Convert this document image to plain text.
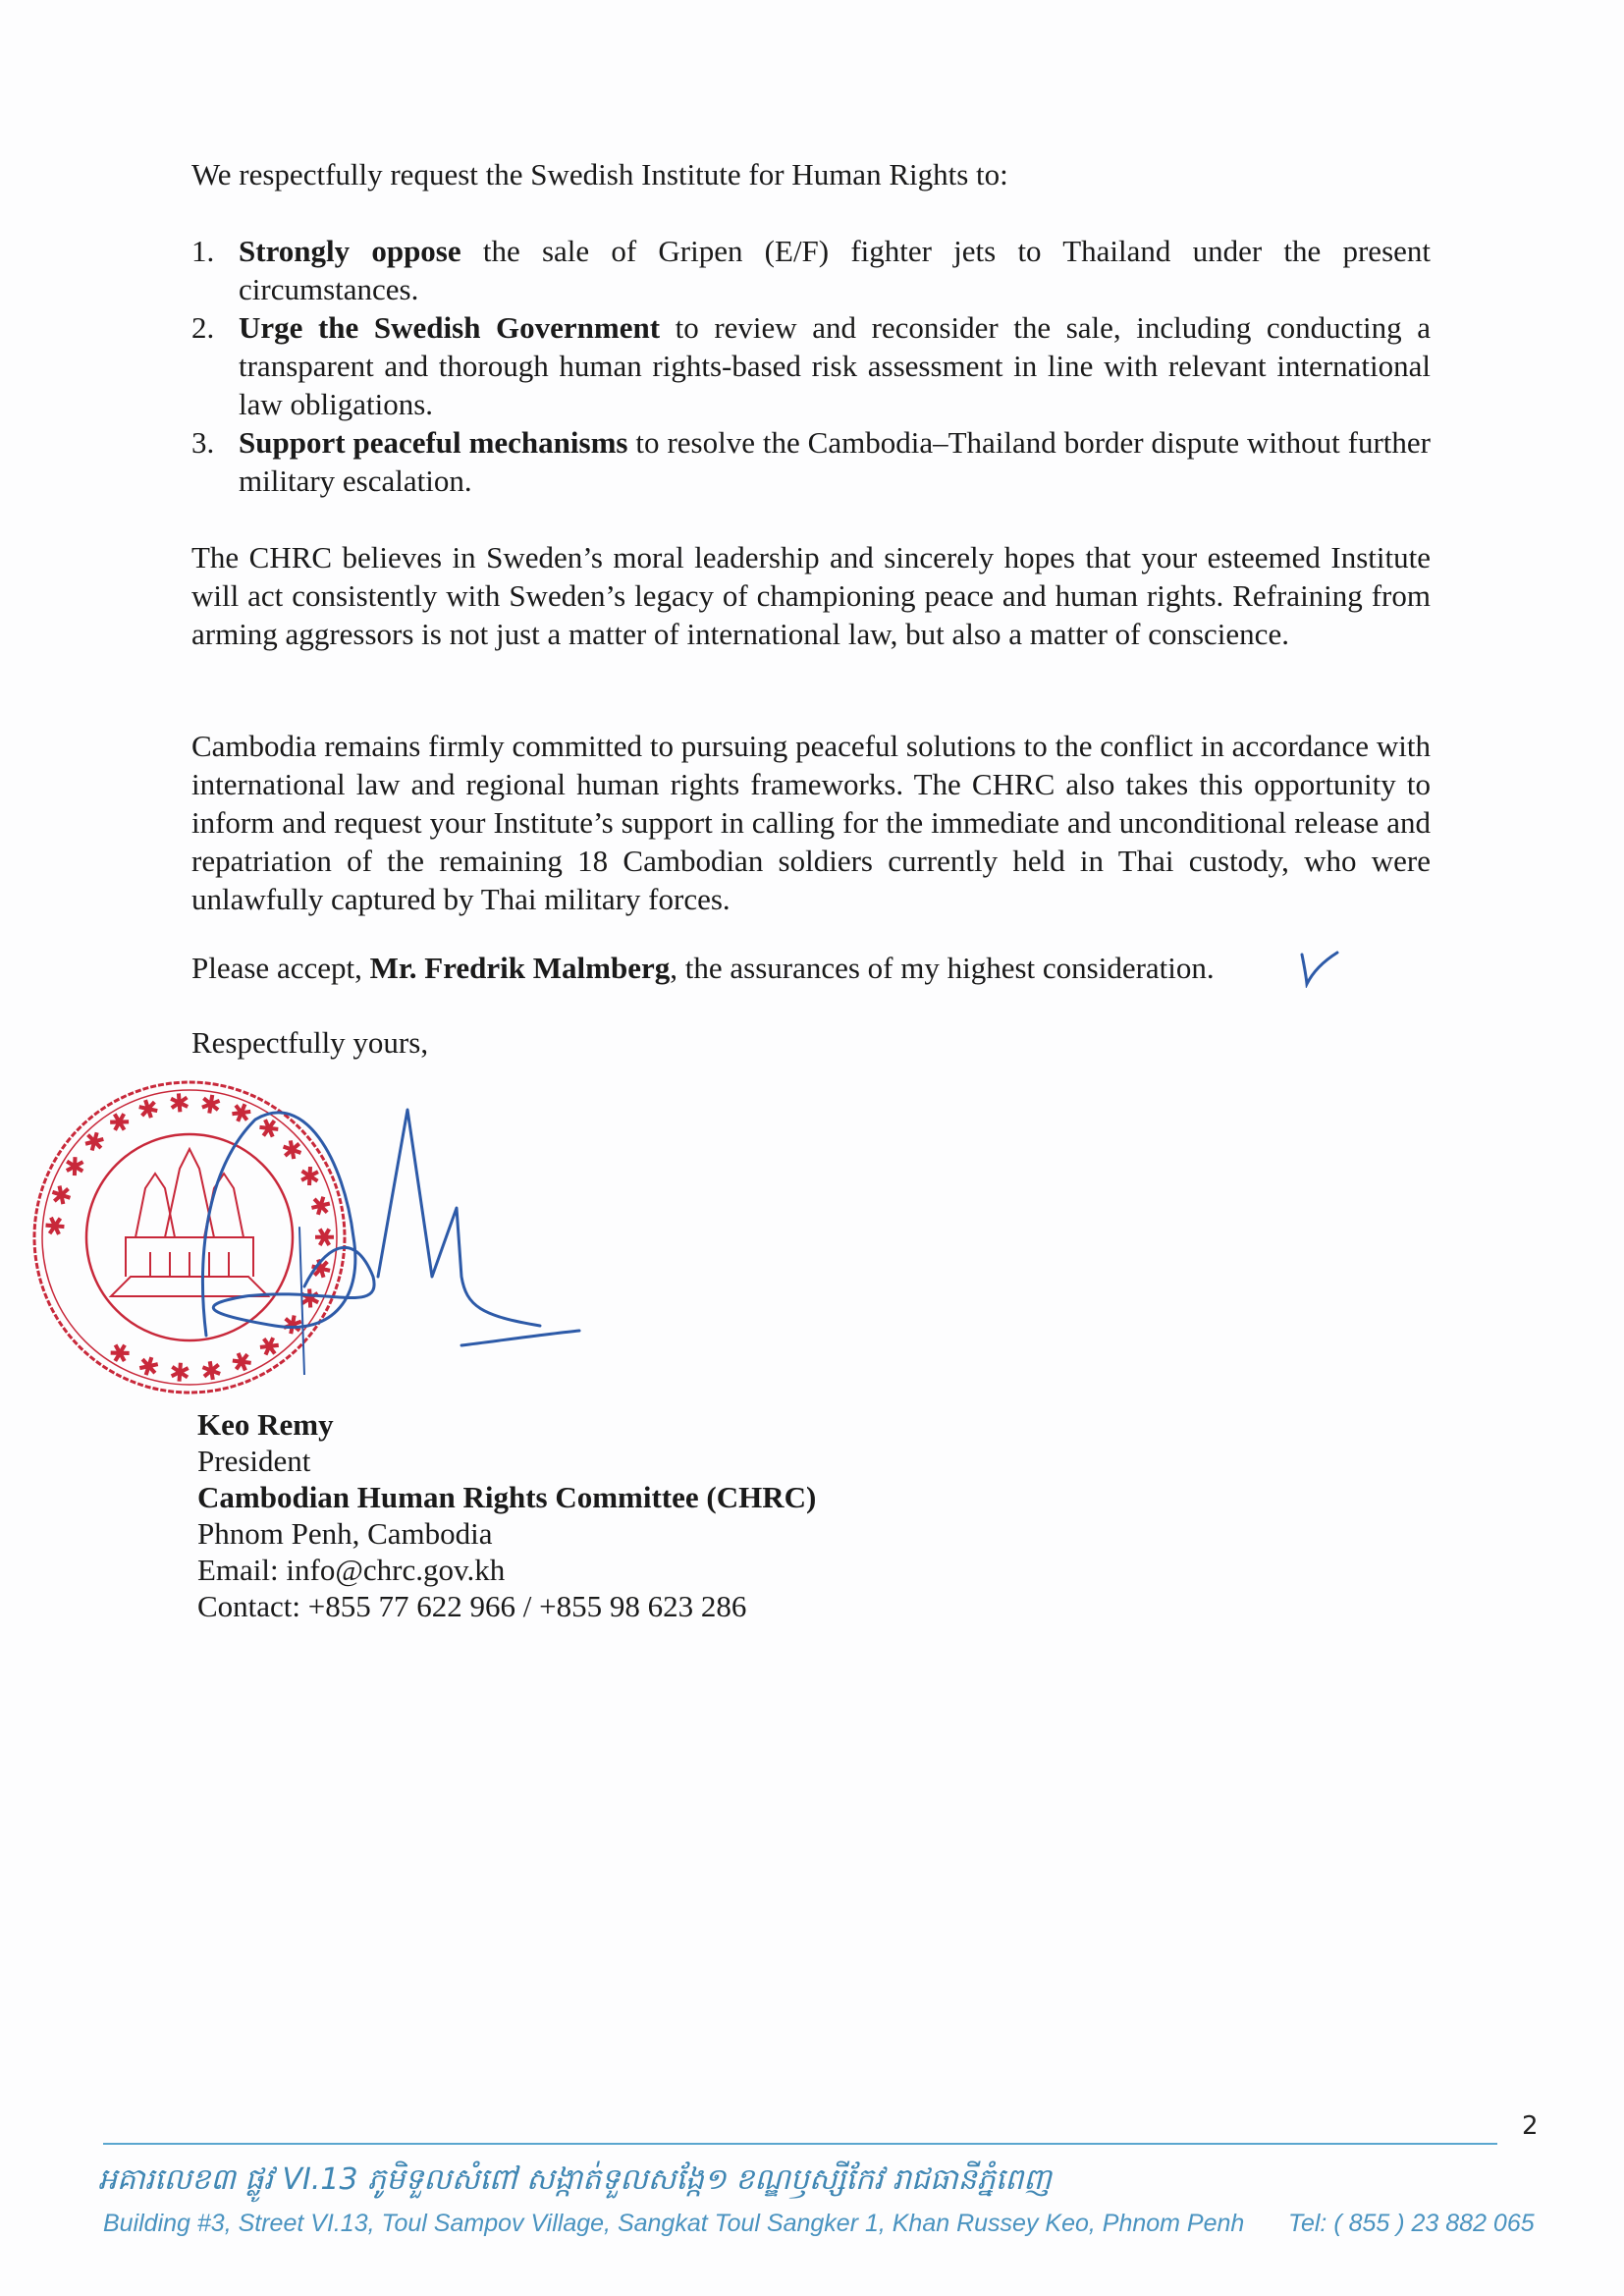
We respectfully request the Swedish Institute for Human Rights to:

1. Strongly oppose the sale of Gripen (E/F) fighter jets to Thailand under the present circumstances.
2. Urge the Swedish Government to review and reconsider the sale, including conducting a transparent and thorough human rights-based risk assessment in line with relevant international law obligations.
3. Support peaceful mechanisms to resolve the Cambodia–Thailand border dispute without further military escalation.

The CHRC believes in Sweden’s moral leadership and sincerely hopes that your esteemed Institute will act consistently with Sweden’s legacy of championing peace and human rights. Refraining from arming aggressors is not just a matter of international law, but also a matter of conscience.

Cambodia remains firmly committed to pursuing peaceful solutions to the conflict in accordance with international law and regional human rights frameworks. The CHRC also takes this opportunity to inform and request your Institute’s support in calling for the immediate and unconditional release and repatriation of the remaining 18 Cambodian soldiers currently held in Thai custody, who were unlawfully captured by Thai military forces.

Please accept, Mr. Fredrik Malmberg, the assurances of my highest consideration.

Respectfully yours,

✱ ✱ ✱ ✱ ✱ ✱ ✱ ✱ ✱ ✱ ✱ ✱ ✱ ✱ ✱ ✱ ✱ ✱ ✱ ✱ ✱ ✱ ✱
Keo Remy
President
Cambodian Human Rights Committee (CHRC)
Phnom Penh, Cambodia
Email: info@chrc.gov.kh
Contact: +855 77 622 966 / +855 98 623 286
2
អគារលេខ៣ ផ្លូវ VI.13 ភូមិទួលសំពៅ សង្កាត់ទួលសង្កែ១ ខណ្ឌឫស្សីកែវ រាជធានីភ្នំពេញ
Building #3, Street VI.13, Toul Sampov Village, Sangkat Toul Sangker 1, Khan Russey Keo, Phnom Penh Tel: ( 855 ) 23 882 065
